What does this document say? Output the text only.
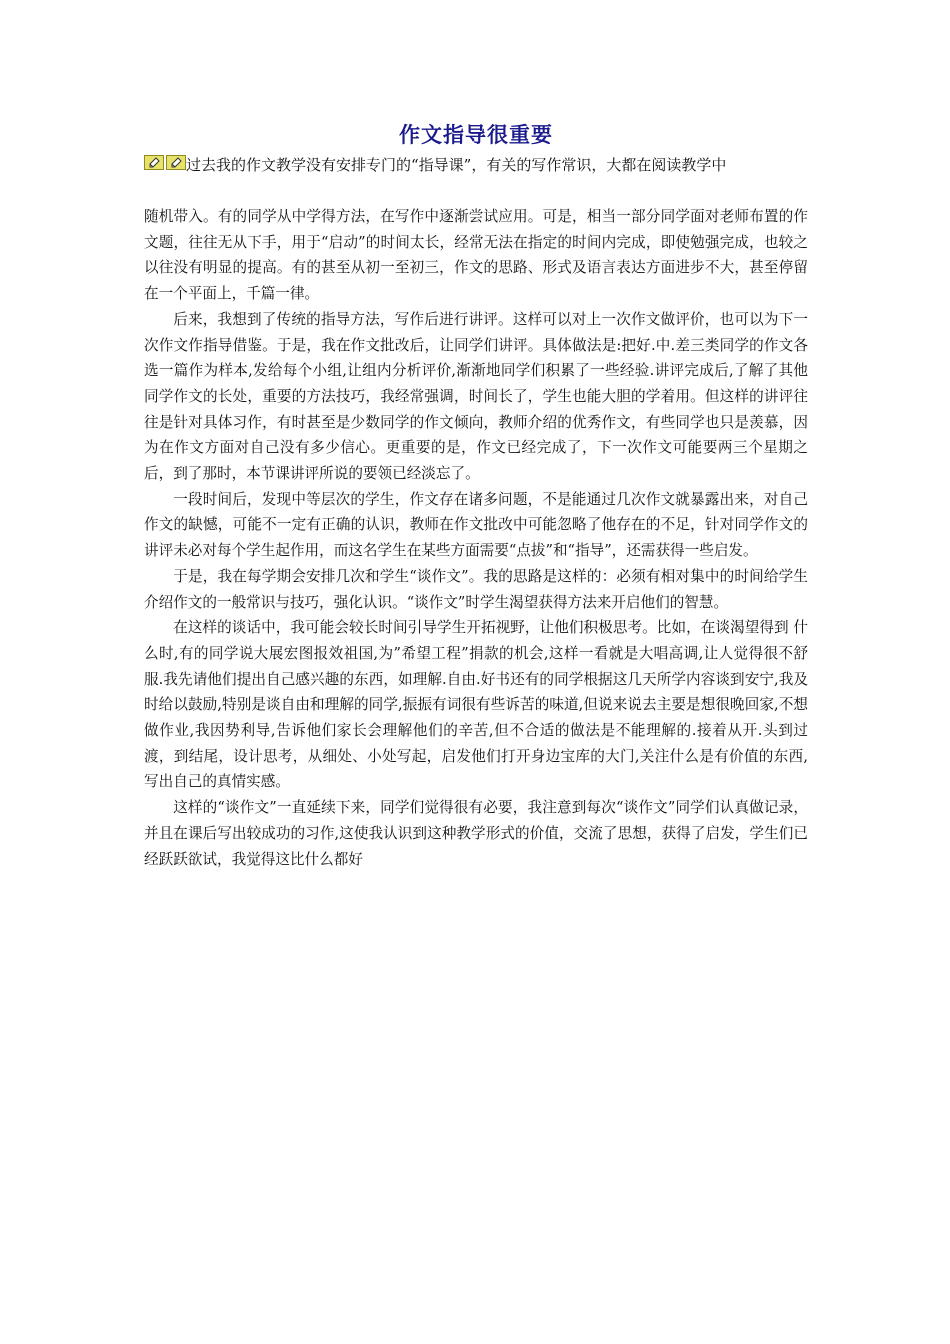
作文指导很重要
过去我的作文教学没有安排专门的“指导课”，有关的写作常识，大都在阅读教学中

随机带入。有的同学从中学得方法，在写作中逐渐尝试应用。可是，相当一部分同学面对老师布置的作文题，往往无从下手，用于“启动”的时间太长，经常无法在指定的时间内完成，即使勉强完成，也较之以往没有明显的提高。有的甚至从初一至初三，作文的思路、形式及语言表达方面进步不大，甚至停留在一个平面上，千篇一律。

后来，我想到了传统的指导方法，写作后进行讲评。这样可以对上一次作文做评价，也可以为下一次作文作指导借鉴。于是，我在作文批改后，让同学们讲评。具体做法是:把好.中.差三类同学的作文各选一篇作为样本,发给每个小组,让组内分析评价,渐渐地同学们积累了一些经验.讲评完成后,了解了其他同学作文的长处，重要的方法技巧，我经常强调，时间长了，学生也能大胆的学着用。但这样的讲评往往是针对具体习作，有时甚至是少数同学的作文倾向，教师介绍的优秀作文，有些同学也只是羡慕，因为在作文方面对自己没有多少信心。更重要的是，作文已经完成了，下一次作文可能要两三个星期之后，到了那时，本节课讲评所说的要领已经淡忘了。

一段时间后，发现中等层次的学生，作文存在诸多问题，不是能通过几次作文就暴露出来，对自己作文的缺憾，可能不一定有正确的认识，教师在作文批改中可能忽略了他存在的不足，针对同学作文的讲评未必对每个学生起作用，而这名学生在某些方面需要“点拔”和“指导”，还需获得一些启发。

于是，我在每学期会安排几次和学生“谈作文”。我的思路是这样的：必须有相对集中的时间给学生介绍作文的一般常识与技巧，强化认识。“谈作文”时学生渴望获得方法来开启他们的智慧。

在这样的谈话中，我可能会较长时间引导学生开拓视野，让他们积极思考。比如，在谈渴望得到 什么时,有的同学说大展宏图报效祖国,为”希望工程”捐款的机会,这样一看就是大唱高调,让人觉得很不舒服.我先请他们提出自己感兴趣的东西，如理解.自由.好书还有的同学根据这几天所学内容谈到安宁,我及时给以鼓励,特别是谈自由和理解的同学,振振有词很有些诉苦的味道,但说来说去主要是想很晚回家,不想做作业,我因势利导,告诉他们家长会理解他们的辛苦,但不合适的做法是不能理解的.接着从开.头到过渡，到结尾，设计思考，从细处、小处写起，启发他们打开身边宝库的大门,关注什么是有价值的东西,写出自己的真情实感。

这样的“谈作文”一直延续下来，同学们觉得很有必要，我注意到每次“谈作文”同学们认真做记录，并且在课后写出较成功的习作,这使我认识到这种教学形式的价值，交流了思想，获得了启发，学生们已经跃跃欲试，我觉得这比什么都好
